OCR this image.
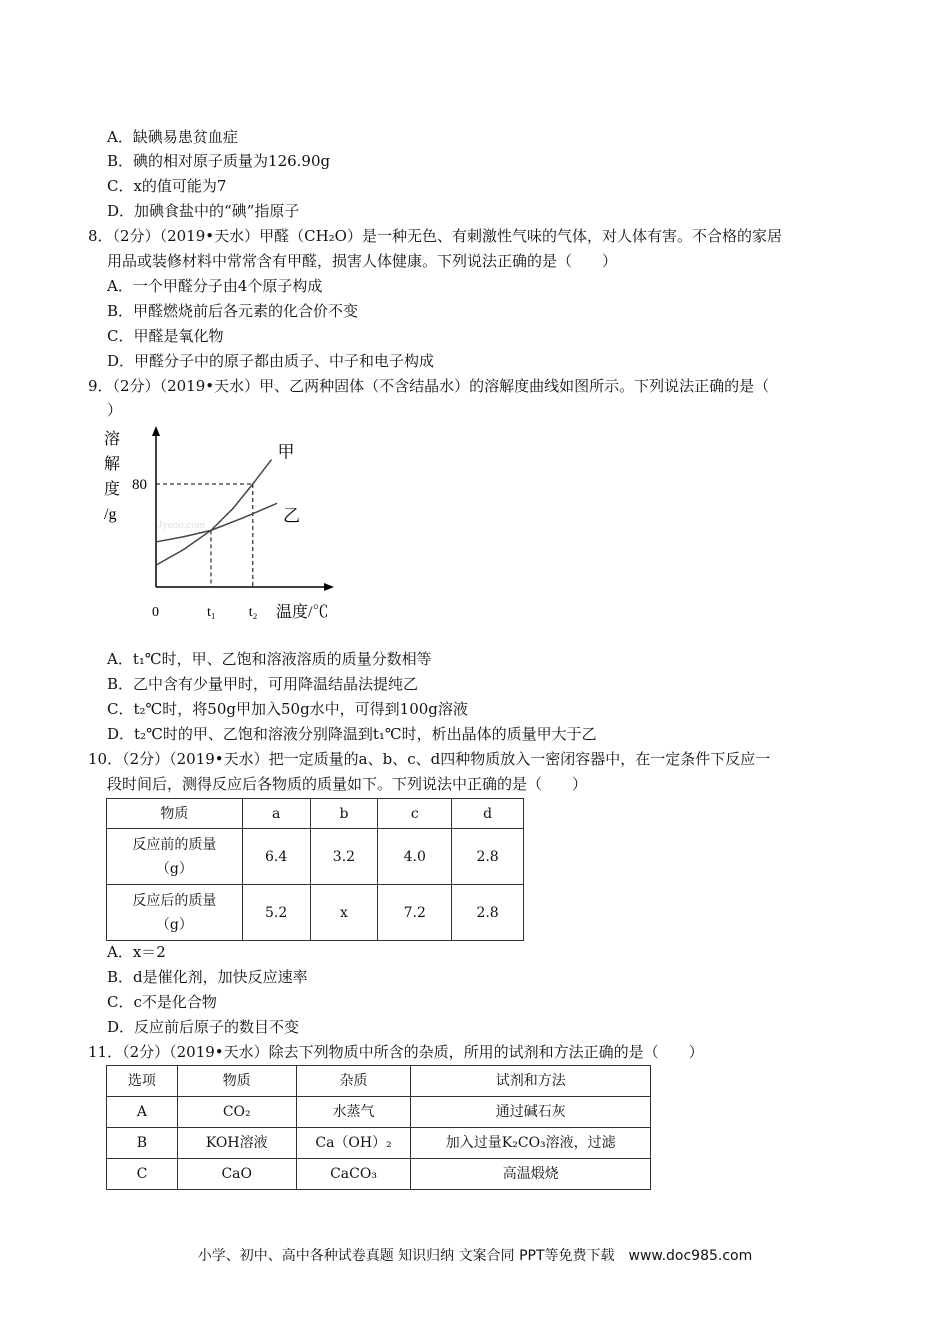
A．缺碘易患贫血症
B．碘的相对原子质量为126.90g
C．x的值可能为7
D．加碘食盐中的“碘”指原子
8．（2分）（2019•天水）甲醛（CH₂O）是一种无色、有刺激性气味的气体，对人体有害。不合格的家居
用品或装修材料中常常含有甲醛，损害人体健康。下列说法正确的是（　　）
A．一个甲醛分子由4个原子构成
B．甲醛燃烧前后各元素的化合价不变
C．甲醛是氧化物
D．甲醛分子中的原子都由质子、中子和电子构成
9．（2分）（2019•天水）甲、乙两种固体（不含结晶水）的溶解度曲线如图所示。下列说法正确的是（
）
溶
解
度
/g
Jyeoo.com
80
0	t₁ t₂ 温度/℃
甲
乙
A．t₁℃时，甲、乙饱和溶液溶质的质量分数相等
B．乙中含有少量甲时，可用降温结晶法提纯乙
C．t₂℃时，将50g甲加入50g水中，可得到100g溶液
D．t₂℃时的甲、乙饱和溶液分别降温到t₁℃时，析出晶体的质量甲大于乙
10．（2分）（2019•天水）把一定质量的a、b、c、d四种物质放入一密闭容器中，在一定条件下反应一
段时间后，测得反应后各物质的质量如下。下列说法中正确的是（　　）
物质	a	b	c	d
反应前的质量（g）	6.4	3.2	4.0	2.8
反应后的质量（g）	5.2	x	7.2	2.8
A．x＝2
B．d是催化剂，加快反应速率
C．c不是化合物
D．反应前后原子的数目不变
11．（2分）（2019•天水）除去下列物质中所含的杂质，所用的试剂和方法正确的是（　　）
选项	物质	杂质	试剂和方法
A	CO₂	水蒸气	通过碱石灰
B	KOH溶液	Ca（OH）₂	加入过量K₂CO₃溶液，过滤
C	CaO	CaCO₃	高温煅烧
小学、初中、高中各种试卷真题 知识归纳 文案合同 PPT等免费下载　www.doc985.com
